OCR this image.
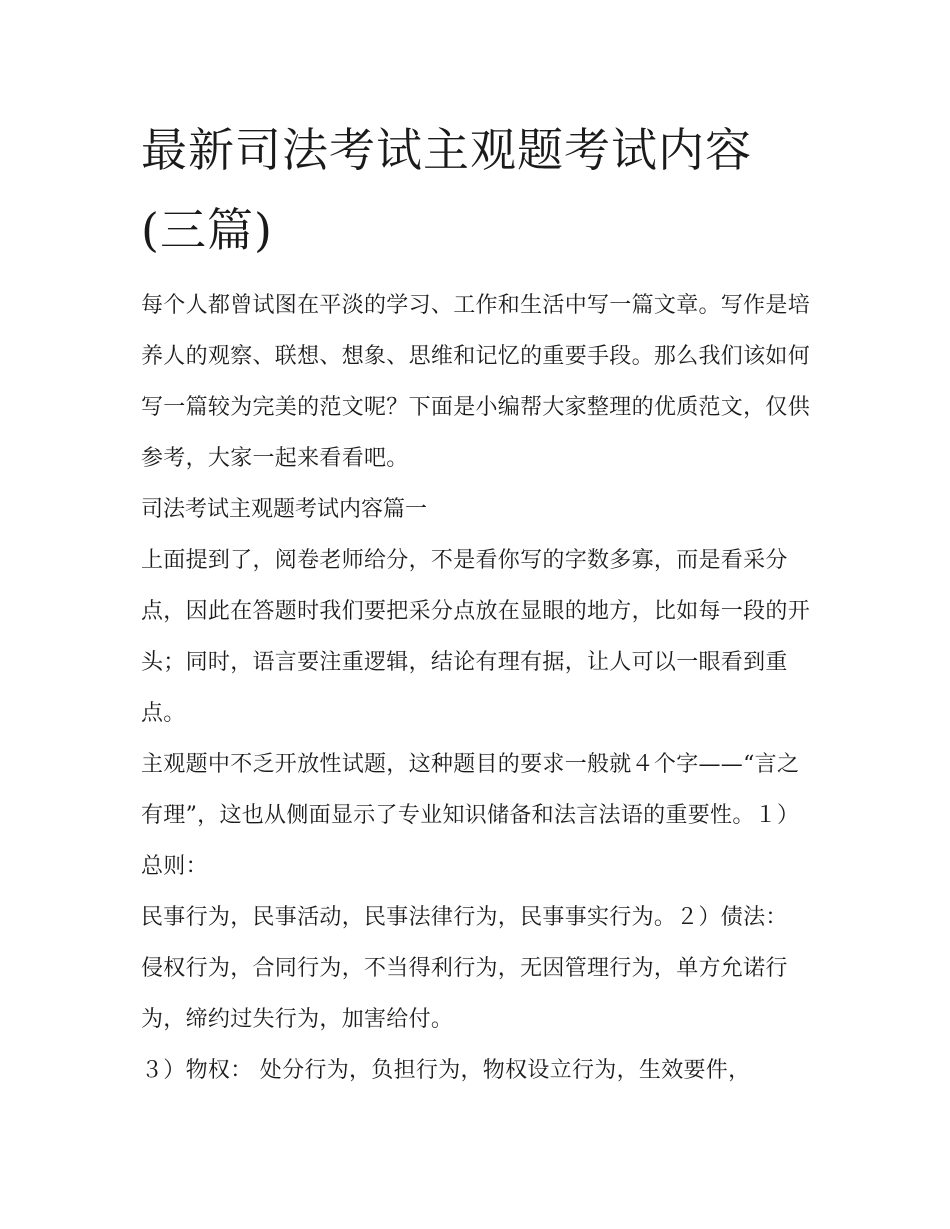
最新司法考试主观题考试内容(三篇)

每个人都曾试图在平淡的学习、工作和生活中写一篇文章。写作是培养人的观察、联想、想象、思维和记忆的重要手段。那么我们该如何写一篇较为完美的范文呢？下面是小编帮大家整理的优质范文，仅供参考，大家一起来看看吧。

司法考试主观题考试内容篇一

上面提到了，阅卷老师给分，不是看你写的字数多寡，而是看采分点，因此在答题时我们要把采分点放在显眼的地方，比如每一段的开头；同时，语言要注重逻辑，结论有理有据，让人可以一眼看到重点。

主观题中不乏开放性试题，这种题目的要求一般就４个字——“言之有理”，这也从侧面显示了专业知识储备和法言法语的重要性。１）总则：

民事行为，民事活动，民事法律行为，民事事实行为。２）债法： 侵权行为，合同行为，不当得利行为，无因管理行为，单方允诺行为，缔约过失行为，加害给付。

３）物权： 处分行为，负担行为，物权设立行为，生效要件，
